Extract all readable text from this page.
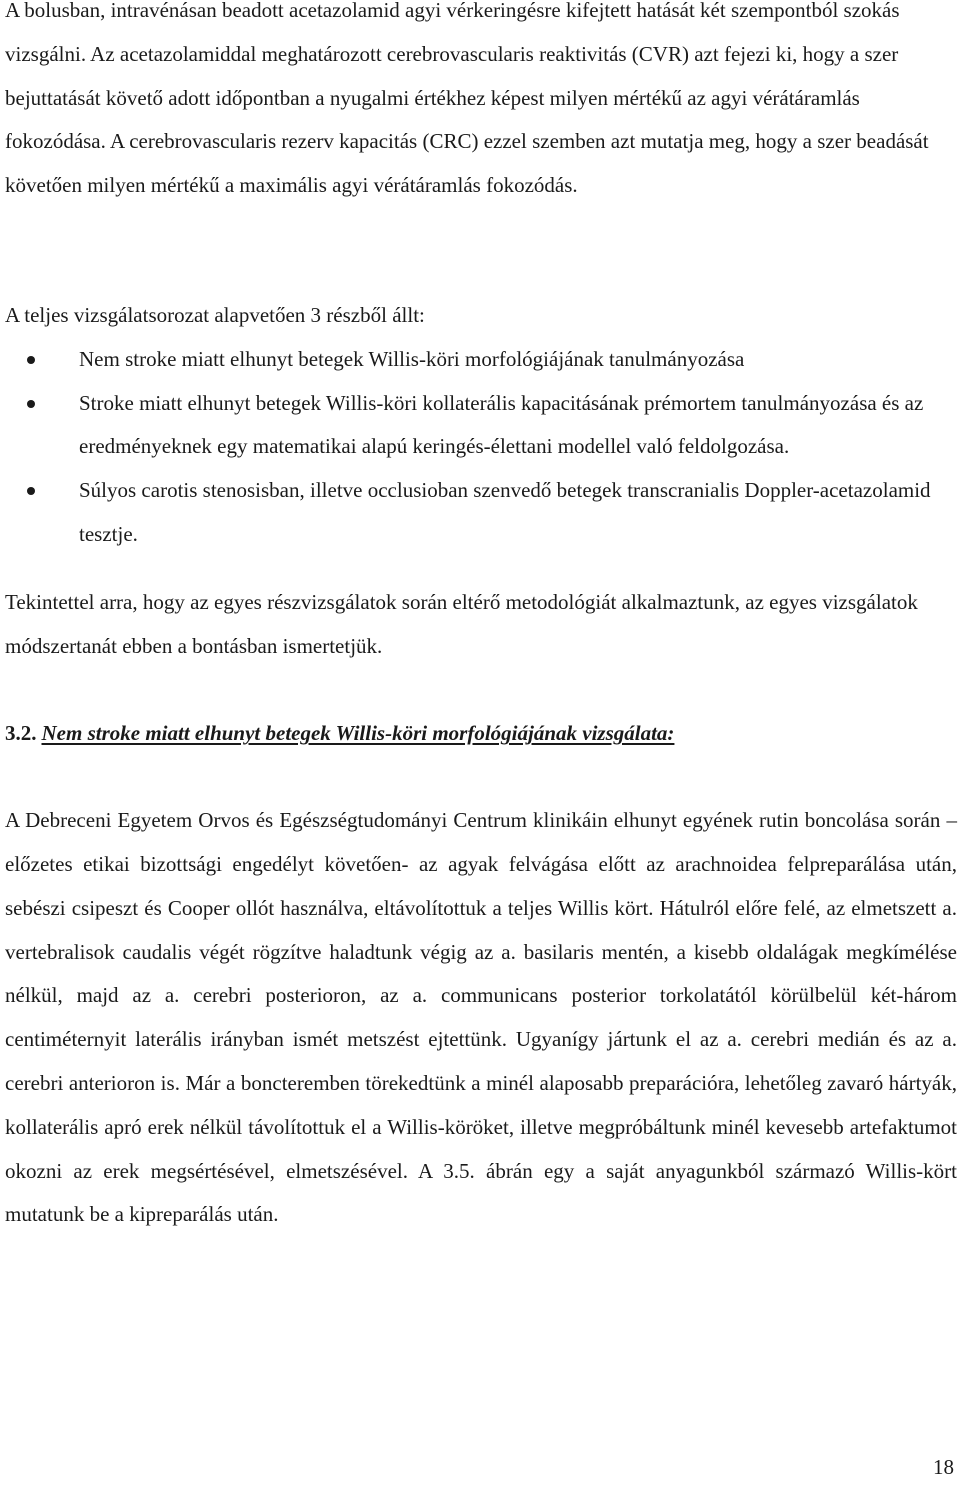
A bolusban, intravénásan beadott acetazolamid agyi vérkeringésre kifejtett hatását két szempontból szokás vizsgálni. Az acetazolamiddal meghatározott cerebrovascularis reaktivitás (CVR) azt fejezi ki, hogy a szer bejuttatását követő adott időpontban a nyugalmi értékhez képest milyen mértékű az agyi vérátáramlás fokozódása. A cerebrovascularis rezerv kapacitás (CRC) ezzel szemben azt mutatja meg, hogy a szer beadását követően milyen mértékű a maximális agyi vérátáramlás fokozódás.

A teljes vizsgálatsorozat alapvetően 3 részből állt:

Nem stroke miatt elhunyt betegek Willis-köri morfológiájának tanulmányozása
Stroke miatt elhunyt betegek Willis-köri kollaterális kapacitásának prémortem tanulmányozása és az eredményeknek egy matematikai alapú keringés-élettani modellel való feldolgozása.
Súlyos carotis stenosisban, illetve occlusioban szenvedő betegek transcranialis Doppler-acetazolamid tesztje.

Tekintettel arra, hogy az egyes részvizsgálatok során eltérő metodológiát alkalmaztunk, az egyes vizsgálatok módszertanát ebben a bontásban ismertetjük.

3.2. Nem stroke miatt elhunyt betegek Willis-köri morfológiájának vizsgálata:

A Debreceni Egyetem Orvos és Egészségtudományi Centrum klinikáin elhunyt egyének rutin boncolása során –előzetes etikai bizottsági engedélyt követően- az agyak felvágása előtt az arachnoidea felpreparálása után, sebészi csipeszt és Cooper ollót használva, eltávolítottuk a teljes Willis kört. Hátulról előre felé, az elmetszett a. vertebralisok caudalis végét rögzítve haladtunk végig az a. basilaris mentén, a kisebb oldalágak megkímélése nélkül, majd az a. cerebri posterioron, az a. communicans posterior torkolatától körülbelül két-három centiméternyit laterális irányban ismét metszést ejtettünk. Ugyanígy jártunk el az a. cerebri medián és az a. cerebri anterioron is. Már a boncteremben törekedtünk a minél alaposabb preparációra, lehetőleg zavaró hártyák, kollaterális apró erek nélkül távolítottuk el a Willis-köröket, illetve megpróbáltunk minél kevesebb artefaktumot okozni az erek megsértésével, elmetszésével. A 3.5. ábrán egy a saját anyagunkból származó Willis-kört mutatunk be a kipreparálás után.

18
